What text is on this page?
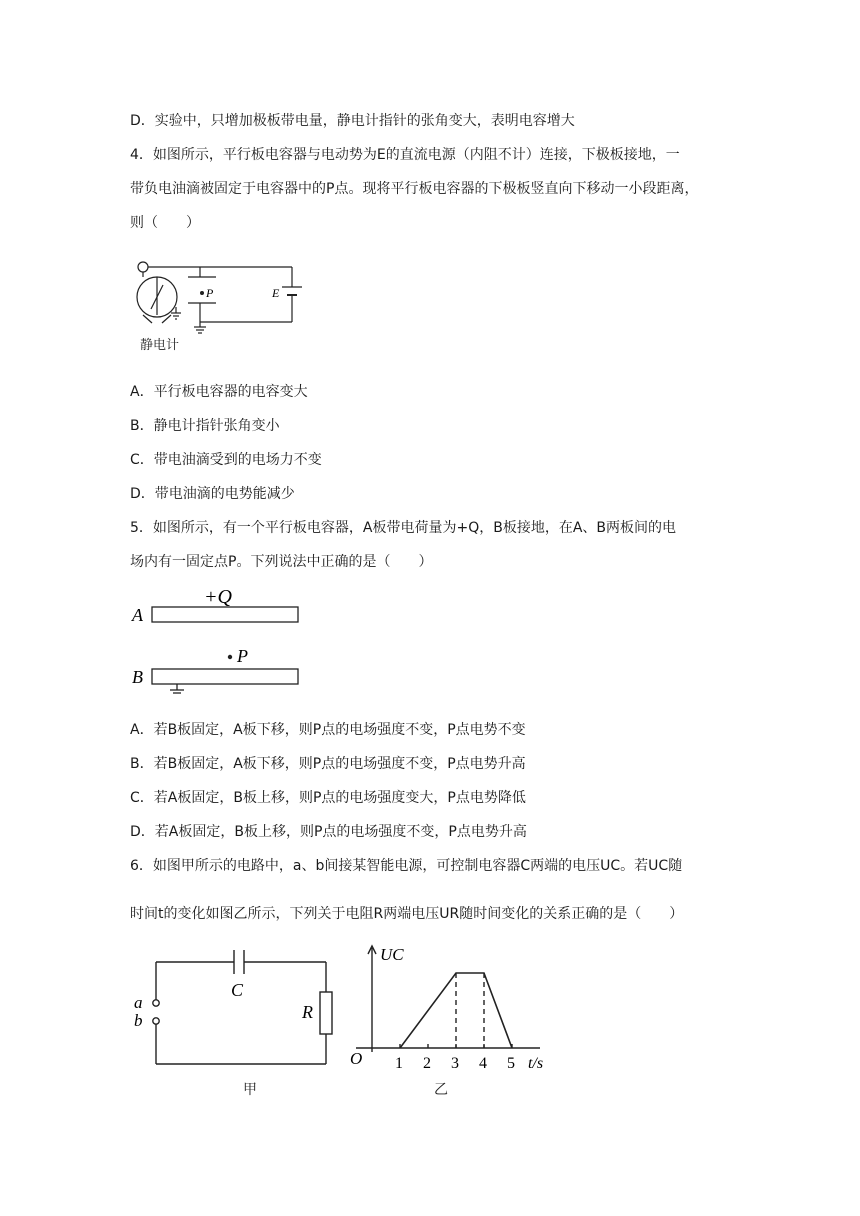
D．实验中，只增加极板带电量，静电计指针的张角变大，表明电容增大
4．如图所示，平行板电容器与电动势为E的直流电源（内阻不计）连接，下极板接地，一
带负电油滴被固定于电容器中的P点。现将平行板电容器的下极板竖直向下移动一小段距离，
则（　　）
A．平行板电容器的电容变大
B．静电计指针张角变小
C．带电油滴受到的电场力不变
D．带电油滴的电势能减少
5．如图所示，有一个平行板电容器，A板带电荷量为+Q，B板接地，在A、B两板间的电
场内有一固定点P。下列说法中正确的是（　　）
A．若B板固定，A板下移，则P点的电场强度不变，P点电势不变
B．若B板固定，A板下移，则P点的电场强度不变，P点电势升高
C．若A板固定，B板上移，则P点的电场强度变大，P点电势降低
D．若A板固定，B板上移，则P点的电场强度不变，P点电势升高
6．如图甲所示的电路中，a、b间接某智能电源，可控制电容器C两端的电压UC。若UC随
时间t的变化如图乙所示，下列关于电阻R两端电压UR随时间变化的关系正确的是（　　）
P	E
静电计
+Q
A
B
P
C
R
a
b
甲
UC
O 1 2 3 4 5 t/s
乙
